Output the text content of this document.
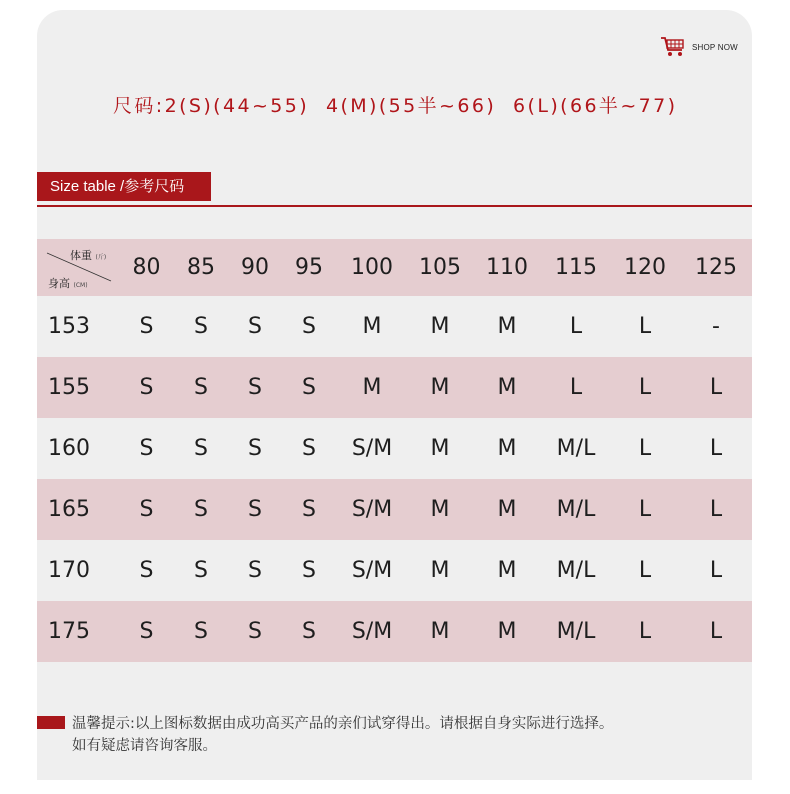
SHOP NOW
尺码:2(S)(44~55)  4(M)(55半~66)  6(L)(66半~77)
Size table /参考尺码
体重 (斤)
身高 (CM)	80	85	90	95	100	105	110	115	120	125
153	S	S	S	S	M	M	M	L	L	-
155	S	S	S	S	M	M	M	L	L	L
160	S	S	S	S	S/M	M	M	M/L	L	L
165	S	S	S	S	S/M	M	M	M/L	L	L
170	S	S	S	S	S/M	M	M	M/L	L	L
175	S	S	S	S	S/M	M	M	M/L	L	L
温馨提示:以上图标数据由成功高买产品的亲们试穿得出。请根据自身实际进行选择。
如有疑虑请咨询客服。
